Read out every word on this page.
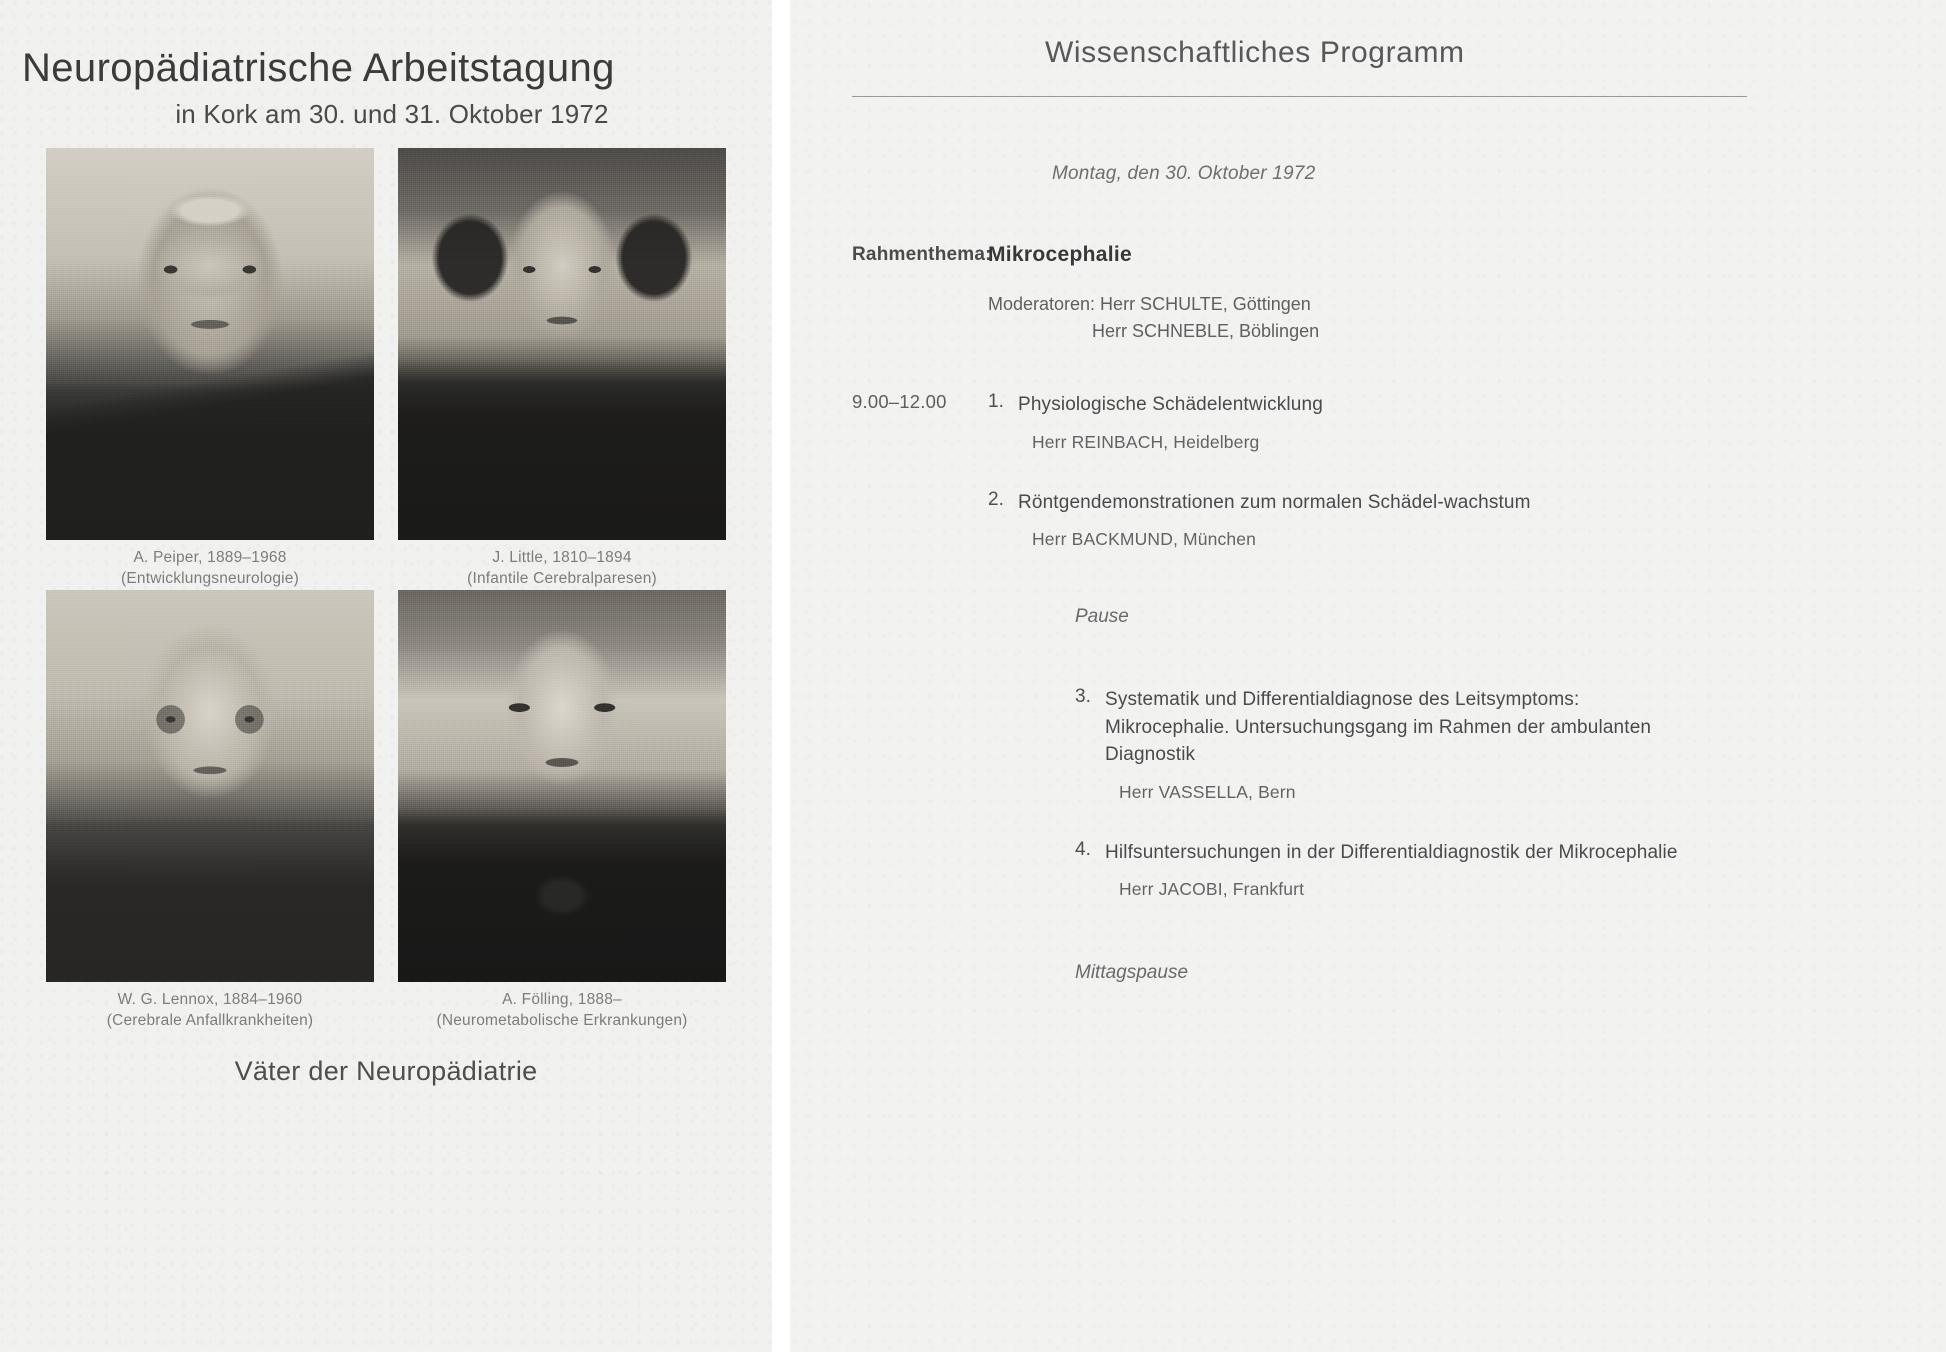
Neuropädiatrische Arbeitstagung
in Kork am 30. und 31. Oktober 1972
A. Peiper, 1889–1968
(Entwicklungsneurologie)
J. Little, 1810–1894
(Infantile Cerebralparesen)
W. G. Lennox, 1884–1960
(Cerebrale Anfallkrankheiten)
A. Fölling, 1888–
(Neurometabolische Erkrankungen)
Väter der Neuropädiatrie
Wissenschaftliches Programm
Montag, den 30. Oktober 1972
Rahmenthema:
Mikrocephalie
Moderatoren: Herr SCHULTE, Göttingen
Herr SCHNEBLE, Böblingen
9.00–12.00	1. Physiologische Schädelentwicklung
Herr REINBACH, Heidelberg
2. Röntgendemonstrationen zum normalen Schädel-wachstum
Herr BACKMUND, München
Pause
3. Systematik und Differentialdiagnose des Leitsymptoms: Mikrocephalie. Untersuchungsgang im Rahmen der ambulanten Diagnostik
Herr VASSELLA, Bern
4. Hilfsuntersuchungen in der Differentialdiagnostik der Mikrocephalie
Herr JACOBI, Frankfurt
Mittagspause
